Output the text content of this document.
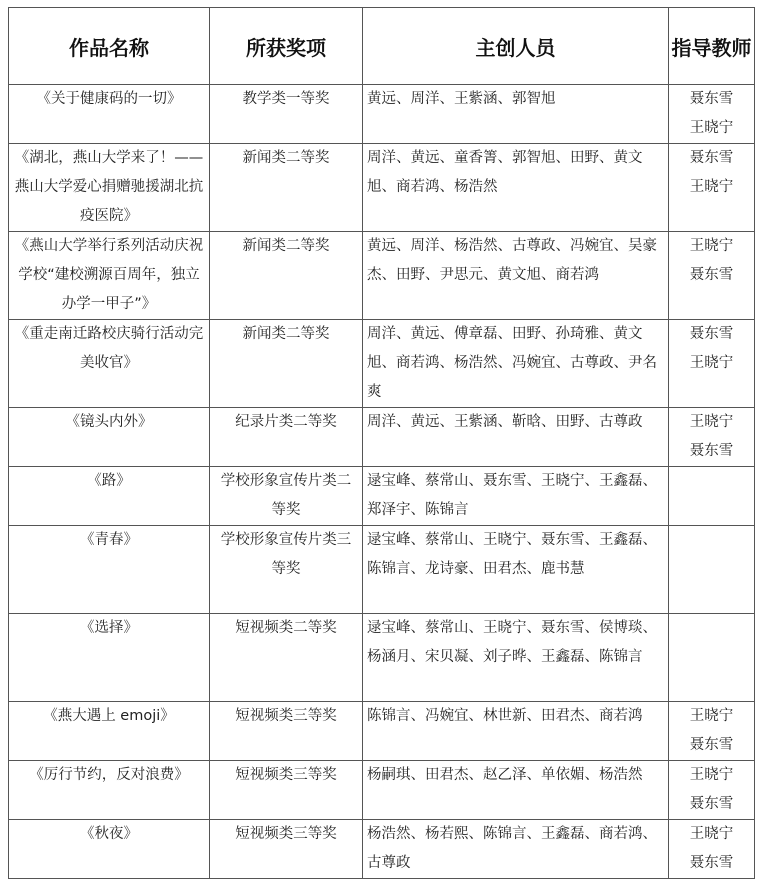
作品名称	所获奖项	主创人员	指导教师
《关于健康码的一切》	教学类一等奖	黄远、周洋、王紫涵、郭智旭	聂东雪
王晓宁

《湖北，燕山大学来了！——燕山大学爱心捐赠驰援湖北抗疫医院》	新闻类二等奖	周洋、黄远、童香箐、郭智旭、田野、黄文旭、商若鸿、杨浩然	聂东雪
王晓宁

《燕山大学举行系列活动庆祝学校“建校溯源百周年，独立办学一甲子”》	新闻类二等奖	黄远、周洋、杨浩然、古尊政、冯婉宜、吴豪杰、田野、尹思元、黄文旭、商若鸿	王晓宁
聂东雪

《重走南迁路校庆骑行活动完美收官》	新闻类二等奖	周洋、黄远、傅章磊、田野、孙琦雅、黄文旭、商若鸿、杨浩然、冯婉宜、古尊政、尹名爽	聂东雪
王晓宁

《镜头内外》	纪录片类二等奖	周洋、黄远、王紫涵、靳晗、田野、古尊政	王晓宁
聂东雪

《路》	学校形象宣传片类二等奖	逯宝峰、蔡常山、聂东雪、王晓宁、王鑫磊、郑泽宇、陈锦言	
《青春》	学校形象宣传片类三等奖	逯宝峰、蔡常山、王晓宁、聂东雪、王鑫磊、陈锦言、龙诗豪、田君杰、鹿书慧	
《选择》	短视频类二等奖	逯宝峰、蔡常山、王晓宁、聂东雪、侯博琰、杨涵月、宋贝凝、刘子晔、王鑫磊、陈锦言	
《燕大遇上 emoji》	短视频类三等奖	陈锦言、冯婉宜、林世新、田君杰、商若鸿	王晓宁
聂东雪

《厉行节约，反对浪费》	短视频类三等奖	杨嗣琪、田君杰、赵乙泽、单依媚、杨浩然	王晓宁
聂东雪

《秋夜》	短视频类三等奖	杨浩然、杨若熙、陈锦言、王鑫磊、商若鸿、古尊政	王晓宁
聂东雪
